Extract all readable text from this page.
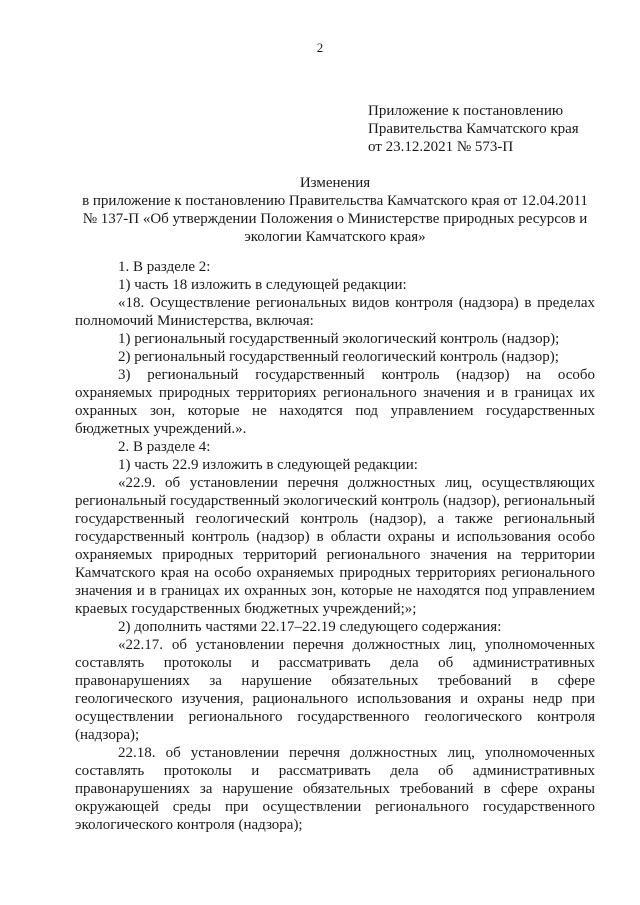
2
Приложение к постановлению
Правительства Камчатского края
от 23.12.2021 № 573-П
Изменения
в приложение к постановлению Правительства Камчатского края от 12.04.2011
№ 137-П «Об утверждении Положения о Министерстве природных ресурсов и
экологии Камчатского края»

1. В разделе 2:

1) часть 18 изложить в следующей редакции:

«18. Осуществление региональных видов контроля (надзора) в пределах полномочий Министерства, включая:

1) региональный государственный экологический контроль (надзор);

2) региональный государственный геологический контроль (надзор);

3) региональный государственный контроль (надзор) на особо охраняемых природных территориях регионального значения и в границах их охранных зон, которые не находятся под управлением государственных бюджетных учреждений.».

2. В разделе 4:

1) часть 22.9 изложить в следующей редакции:

«22.9. об установлении перечня должностных лиц, осуществляющих региональный государственный экологический контроль (надзор), региональный государственный геологический контроль (надзор), а также региональный государственный контроль (надзор) в области охраны и использования особо охраняемых природных территорий регионального значения на территории Камчатского края на особо охраняемых природных территориях регионального значения и в границах их охранных зон, которые не находятся под управлением краевых государственных бюджетных учреждений;»;

2) дополнить частями 22.17–22.19 следующего содержания:

«22.17. об установлении перечня должностных лиц, уполномоченных составлять протоколы и рассматривать дела об административных правонарушениях за нарушение обязательных требований в сфере геологического изучения, рационального использования и охраны недр при осуществлении регионального государственного геологического контроля (надзора);

22.18. об установлении перечня должностных лиц, уполномоченных составлять протоколы и рассматривать дела об административных правонарушениях за нарушение обязательных требований в сфере охраны окружающей среды при осуществлении регионального государственного экологического контроля (надзора);
